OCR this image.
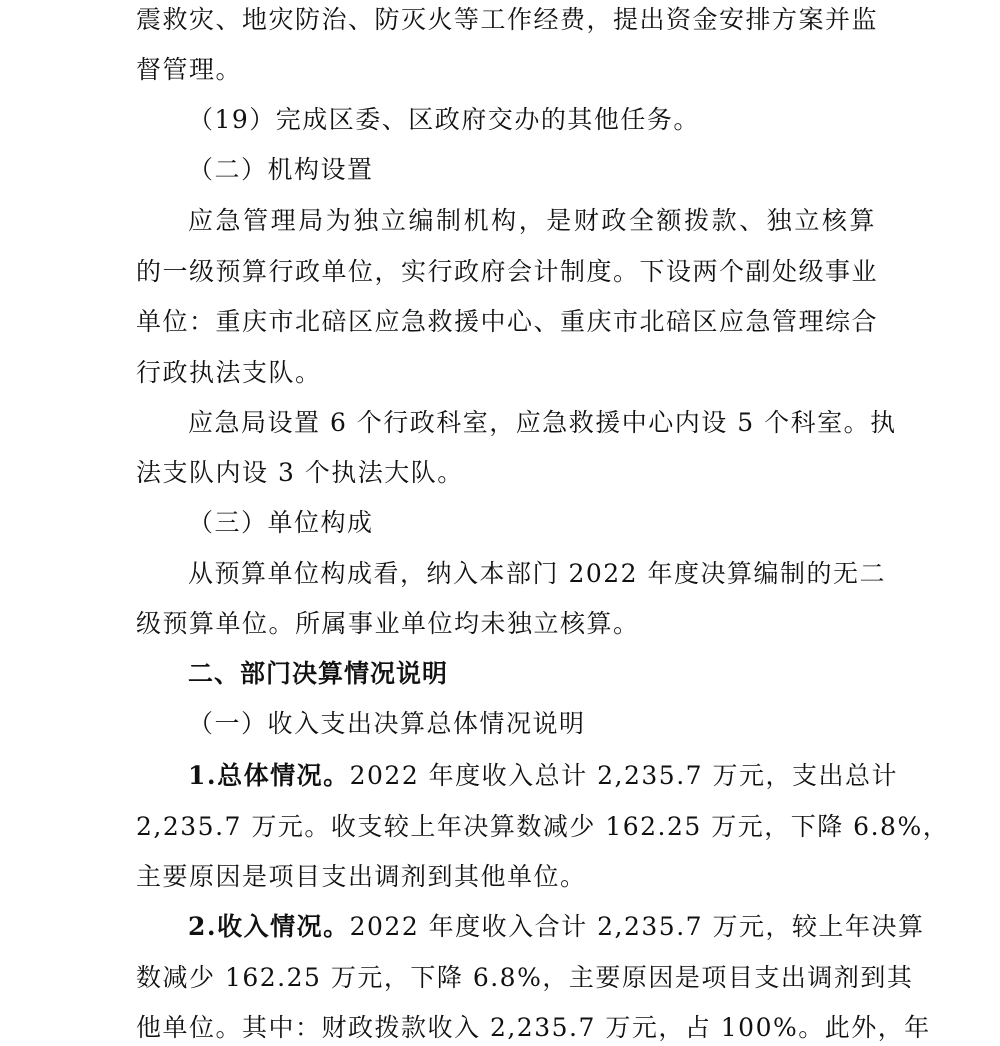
震救灾、地灾防治、防灭火等工作经费，提出资金安排方案并监
督管理。
（19）完成区委、区政府交办的其他任务。
（二）机构设置
应急管理局为独立编制机构，是财政全额拨款、独立核算
的一级预算行政单位，实行政府会计制度。下设两个副处级事业
单位：重庆市北碚区应急救援中心、重庆市北碚区应急管理综合
行政执法支队。
应急局设置 6 个行政科室，应急救援中心内设 5 个科室。执
法支队内设 3 个执法大队。
（三）单位构成
从预算单位构成看，纳入本部门 2022 年度决算编制的无二
级预算单位。所属事业单位均未独立核算。
二、部门决算情况说明
（一）收入支出决算总体情况说明
1.总体情况。2022 年度收入总计 2,235.7 万元，支出总计
2,235.7 万元。收支较上年决算数减少 162.25 万元，下降 6.8%，
主要原因是项目支出调剂到其他单位。
2.收入情况。2022 年度收入合计 2,235.7 万元，较上年决算
数减少 162.25 万元，下降 6.8%，主要原因是项目支出调剂到其
他单位。其中：财政拨款收入 2,235.7 万元，占 100%。此外，年
